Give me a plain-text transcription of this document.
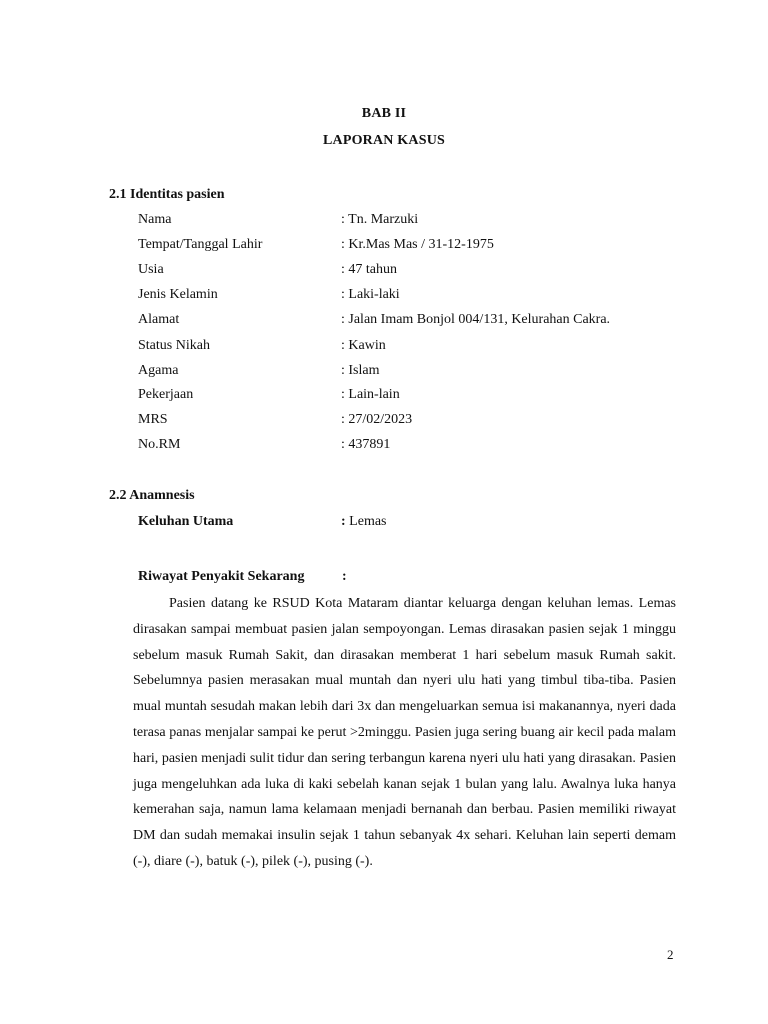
BAB II
LAPORAN KASUS
2.1 Identitas pasien
Nama	: Tn. Marzuki
Tempat/Tanggal Lahir	: Kr.Mas Mas / 31-12-1975
Usia	: 47 tahun
Jenis Kelamin	: Laki-laki
Alamat	: Jalan Imam Bonjol 004/131, Kelurahan Cakra.
Status Nikah	: Kawin
Agama	: Islam
Pekerjaan	: Lain-lain
MRS	: 27/02/2023
No.RM	: 437891
2.2 Anamnesis
Keluhan Utama	: Lemas
Riwayat Penyakit Sekarang	:

Pasien datang ke RSUD Kota Mataram diantar keluarga dengan keluhan lemas. Lemas dirasakan sampai membuat pasien jalan sempoyongan. Lemas dirasakan pasien sejak 1 minggu sebelum masuk Rumah Sakit, dan dirasakan memberat 1 hari sebelum masuk Rumah sakit. Sebelumnya pasien merasakan mual muntah dan nyeri ulu hati yang timbul tiba-tiba. Pasien mual muntah sesudah makan lebih dari 3x dan mengeluarkan semua isi makanannya, nyeri dada terasa panas menjalar sampai ke perut >2minggu. Pasien juga sering buang air kecil pada malam hari, pasien menjadi sulit tidur dan sering terbangun karena nyeri ulu hati yang dirasakan. Pasien juga mengeluhkan ada luka di kaki sebelah kanan sejak 1 bulan yang lalu. Awalnya luka hanya kemerahan saja, namun lama kelamaan menjadi bernanah dan berbau. Pasien memiliki riwayat DM dan sudah memakai insulin sejak 1 tahun sebanyak 4x sehari. Keluhan lain seperti demam (-), diare (-), batuk (-), pilek (-), pusing (-).

2
